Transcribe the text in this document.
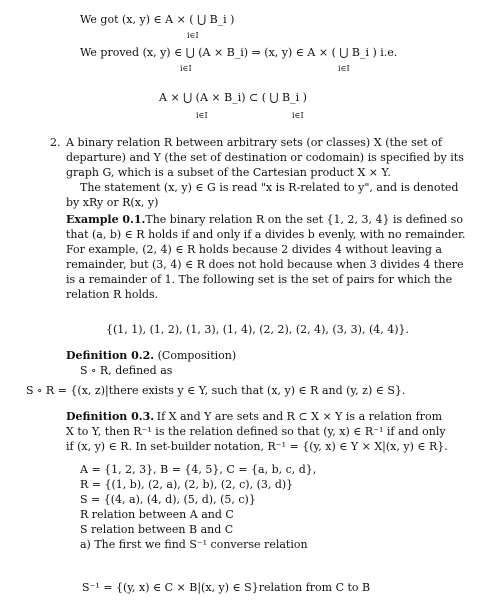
We got (x, y) ∈ A × ( ⋃ B_i )
i∈I
We proved (x, y) ∈ ⋃ (A × B_i) ⇒ (x, y) ∈ A × ( ⋃ B_i ) i.e.
i∈I	i∈I
A × ⋃ (A × B_i) ⊂ ( ⋃ B_i )
i∈I	i∈I
2. A binary relation R between arbitrary sets (or classes) X (the set of
departure) and Y (the set of destination or codomain) is specified by its
graph G, which is a subset of the Cartesian product X × Y.
The statement (x, y) ∈ G is read "x is R-related to y", and is denoted
by xRy or R(x, y)
Example 0.1. The binary relation R on the set {1, 2, 3, 4} is defined so
that (a, b) ∈ R holds if and only if a divides b evenly, with no remainder.
For example, (2, 4) ∈ R holds because 2 divides 4 without leaving a
remainder, but (3, 4) ∈ R does not hold because when 3 divides 4 there
is a remainder of 1. The following set is the set of pairs for which the
relation R holds.
{(1, 1), (1, 2), (1, 3), (1, 4), (2, 2), (2, 4), (3, 3), (4, 4)}.
Definition 0.2. (Composition)
S ∘ R, defined as
S ∘ R = {(x, z)|there exists y ∈ Y, such that (x, y) ∈ R and (y, z) ∈ S}.
Definition 0.3. If X and Y are sets and R ⊂ X × Y is a relation from
X to Y, then R⁻¹ is the relation defined so that (y, x) ∈ R⁻¹ if and only
if (x, y) ∈ R. In set-builder notation, R⁻¹ = {(y, x) ∈ Y × X|(x, y) ∈ R}.
A = {1, 2, 3}, B = {4, 5}, C = {a, b, c, d},
R = {(1, b), (2, a), (2, b), (2, c), (3, d)}
S = {(4, a), (4, d), (5, d), (5, c)}
R relation between A and C
S relation between B and C
a) The first we find S⁻¹ converse relation
S⁻¹ = {(y, x) ∈ C × B|(x, y) ∈ S}relation from C to B
